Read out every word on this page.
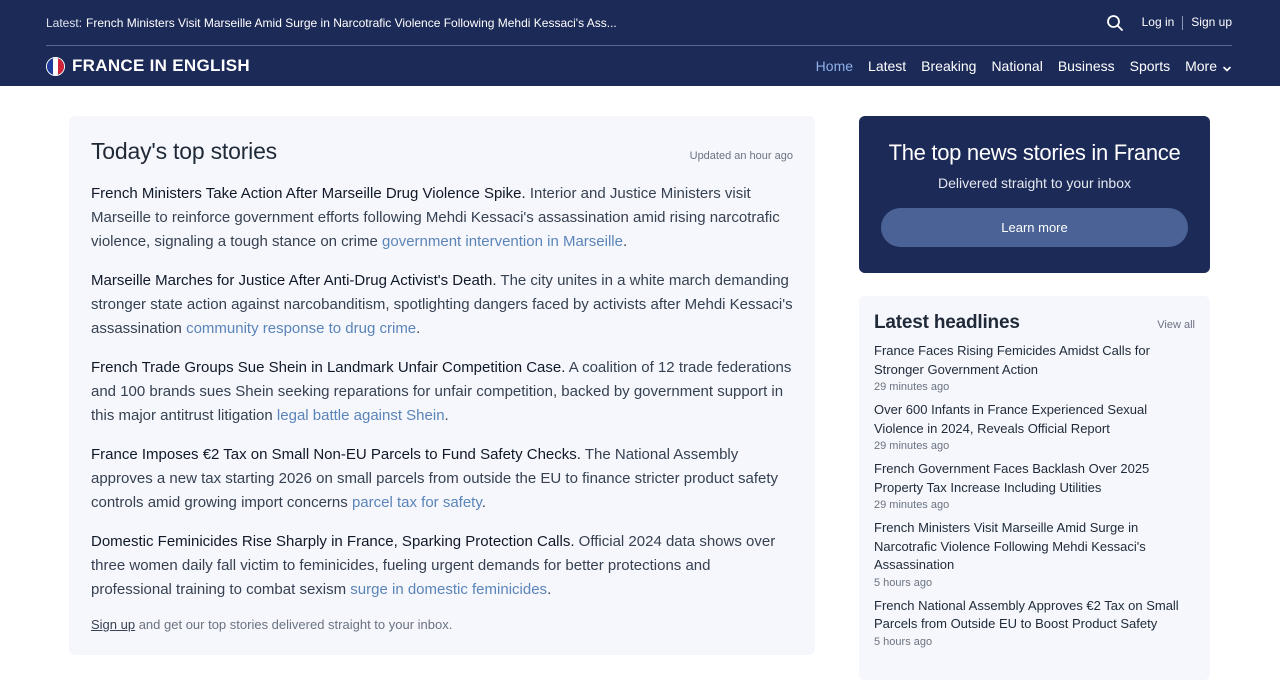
Latest: French Ministers Visit Marseille Amid Surge in Narcotrafic Violence Following Mehdi Kessaci's Ass...	Log in Sign up
FRANCE IN ENGLISH	Home Latest Breaking National Business Sports More
Today's top stories	Updated an hour ago

French Ministers Take Action After Marseille Drug Violence Spike. Interior and Justice Ministers visit Marseille to reinforce government efforts following Mehdi Kessaci's assassination amid rising narcotrafic violence, signaling a tough stance on crime government intervention in Marseille.

Marseille Marches for Justice After Anti-Drug Activist's Death. The city unites in a white march demanding stronger state action against narcobanditism, spotlighting dangers faced by activists after Mehdi Kessaci's assassination community response to drug crime.

French Trade Groups Sue Shein in Landmark Unfair Competition Case. A coalition of 12 trade federations and 100 brands sues Shein seeking reparations for unfair competition, backed by government support in this major antitrust litigation legal battle against Shein.

France Imposes €2 Tax on Small Non-EU Parcels to Fund Safety Checks. The National Assembly approves a new tax starting 2026 on small parcels from outside the EU to finance stricter product safety controls amid growing import concerns parcel tax for safety.

Domestic Feminicides Rise Sharply in France, Sparking Protection Calls. Official 2024 data shows over three women daily fall victim to feminicides, fueling urgent demands for better protections and professional training to combat sexism surge in domestic feminicides.

Sign up and get our top stories delivered straight to your inbox.

The top news stories in France
Delivered straight to your inbox
Learn more
Latest headlines	View all
France Faces Rising Femicides Amidst Calls for Stronger Government Action
29 minutes ago
Over 600 Infants in France Experienced Sexual Violence in 2024, Reveals Official Report
29 minutes ago
French Government Faces Backlash Over 2025 Property Tax Increase Including Utilities
29 minutes ago
French Ministers Visit Marseille Amid Surge in Narcotrafic Violence Following Mehdi Kessaci's Assassination
5 hours ago
French National Assembly Approves €2 Tax on Small Parcels from Outside EU to Boost Product Safety
5 hours ago
